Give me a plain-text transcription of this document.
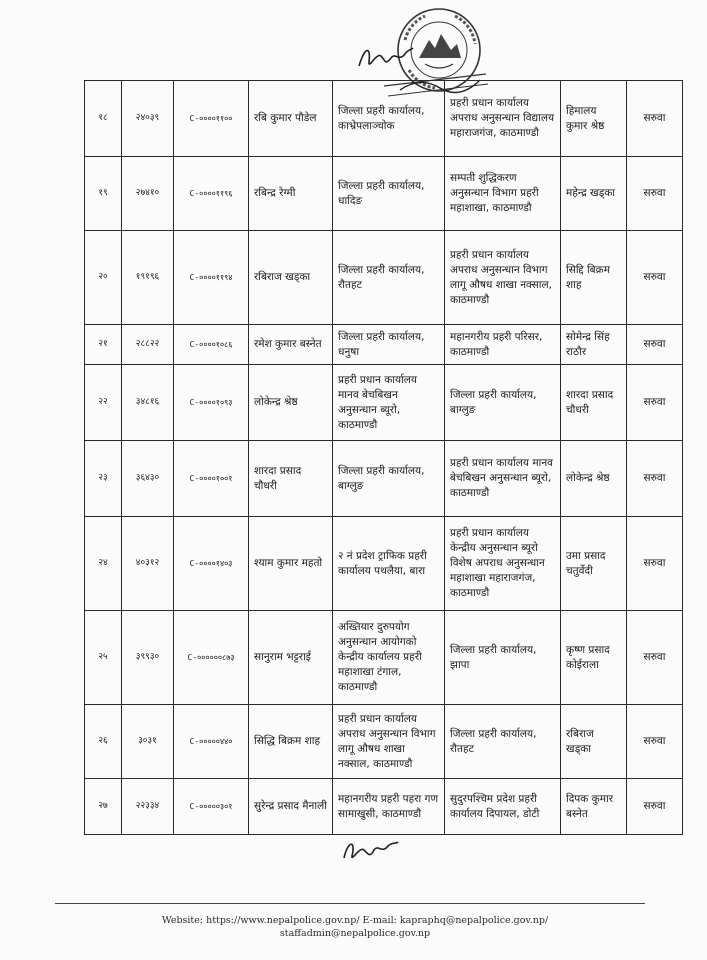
१८	२४०३९	C-००००११००	रबि कुमार पौडेल	जिल्ला प्रहरी कार्यालय, काभ्रेपलाञ्चोक	प्रहरी प्रधान कार्यालय अपराध अनुसन्धान विद्यालय महाराजगंज, काठमाण्डौ	हिमालय कुमार श्रेष्ठ	सरुवा
१९	२७४१०	C-००००११९६	रबिन्द्र रेग्मी	जिल्ला प्रहरी कार्यालय, धादिङ	सम्पती शुद्धिकरण अनुसन्धान विभाग प्रहरी महाशाखा, काठमाण्डौ	महेन्द्र खड्का	सरुवा
२०	१९१९६	C-००००११९४	रबिराज खड्का	जिल्ला प्रहरी कार्यालय, रौतहट	प्रहरी प्रधान कार्यालय अपराध अनुसन्धान विभाग लागू औषध शाखा नक्साल, काठमाण्डौ	सिद्दि बिक्रम शाह	सरुवा
२१	२८८२२	C-००००१०८६	रमेश कुमार बस्नेत	जिल्ला प्रहरी कार्यालय, धनुषा	महानगरीय प्रहरी परिसर, काठमाण्डौ	सोमेन्द्र सिंह राठौर	सरुवा
२२	३४८१६	C-००००१०९३	लोकेन्द्र श्रेष्ठ	प्रहरी प्रधान कार्यालय मानव बेचबिखन अनुसन्धान ब्यूरो, काठमाण्डौ	जिल्ला प्रहरी कार्यालय, बाग्लुङ	शारदा प्रसाद चौधरी	सरुवा
२३	३६४३०	C-००००१००१	शारदा प्रसाद चौधरी	जिल्ला प्रहरी कार्यालय, बाग्लुङ	प्रहरी प्रधान कार्यालय मानव बेचबिखन अनुसन्धान ब्यूरो, काठमाण्डौ	लोकेन्द्र श्रेष्ठ	सरुवा
२४	४०३१२	C-००००१४०३	श्याम कुमार महतो	२ नं प्रदेश ट्राफिक प्रहरी कार्यालय पथलैया, बारा	प्रहरी प्रधान कार्यालय केन्द्रीय अनुसन्धान ब्यूरो विशेष अपराध अनुसन्धान महाशाखा महाराजगंज, काठमाण्डौ	उमा प्रसाद चतुर्वेदी	सरुवा
२५	३९९३०	C-००००००८७३	सानुराम भट्टराई	अख्तियार दुरुपयोग अनुसन्धान आयोगको केन्द्रीय कार्यालय प्रहरी महाशाखा टंगाल, काठमाण्डौ	जिल्ला प्रहरी कार्यालय, झापा	कृष्ण प्रसाद कोईराला	सरुवा
२६	३०३१	C-०००००४४०	सिद्धि बिक्रम शाह	प्रहरी प्रधान कार्यालय अपराध अनुसन्धान विभाग लागू औषध शाखा नक्साल, काठमाण्डौ	जिल्ला प्रहरी कार्यालय, रौतहट	रबिराज खड्का	सरुवा
२७	२२३३४	C-०००००३०१	सुरेन्द्र प्रसाद मैनाली	महानगरीय प्रहरी पहरा गण सामाखुसी, काठमाण्डौ	सुदुरपश्चिम प्रदेश प्रहरी कार्यालय दिपायल, डोटी	दिपक कुमार बस्नेत	सरुवा
Website: https://www.nepalpolice.gov.np/ E-mail: kapraphq@nepalpolice.gov.np/
staffadmin@nepalpolice.gov.np
